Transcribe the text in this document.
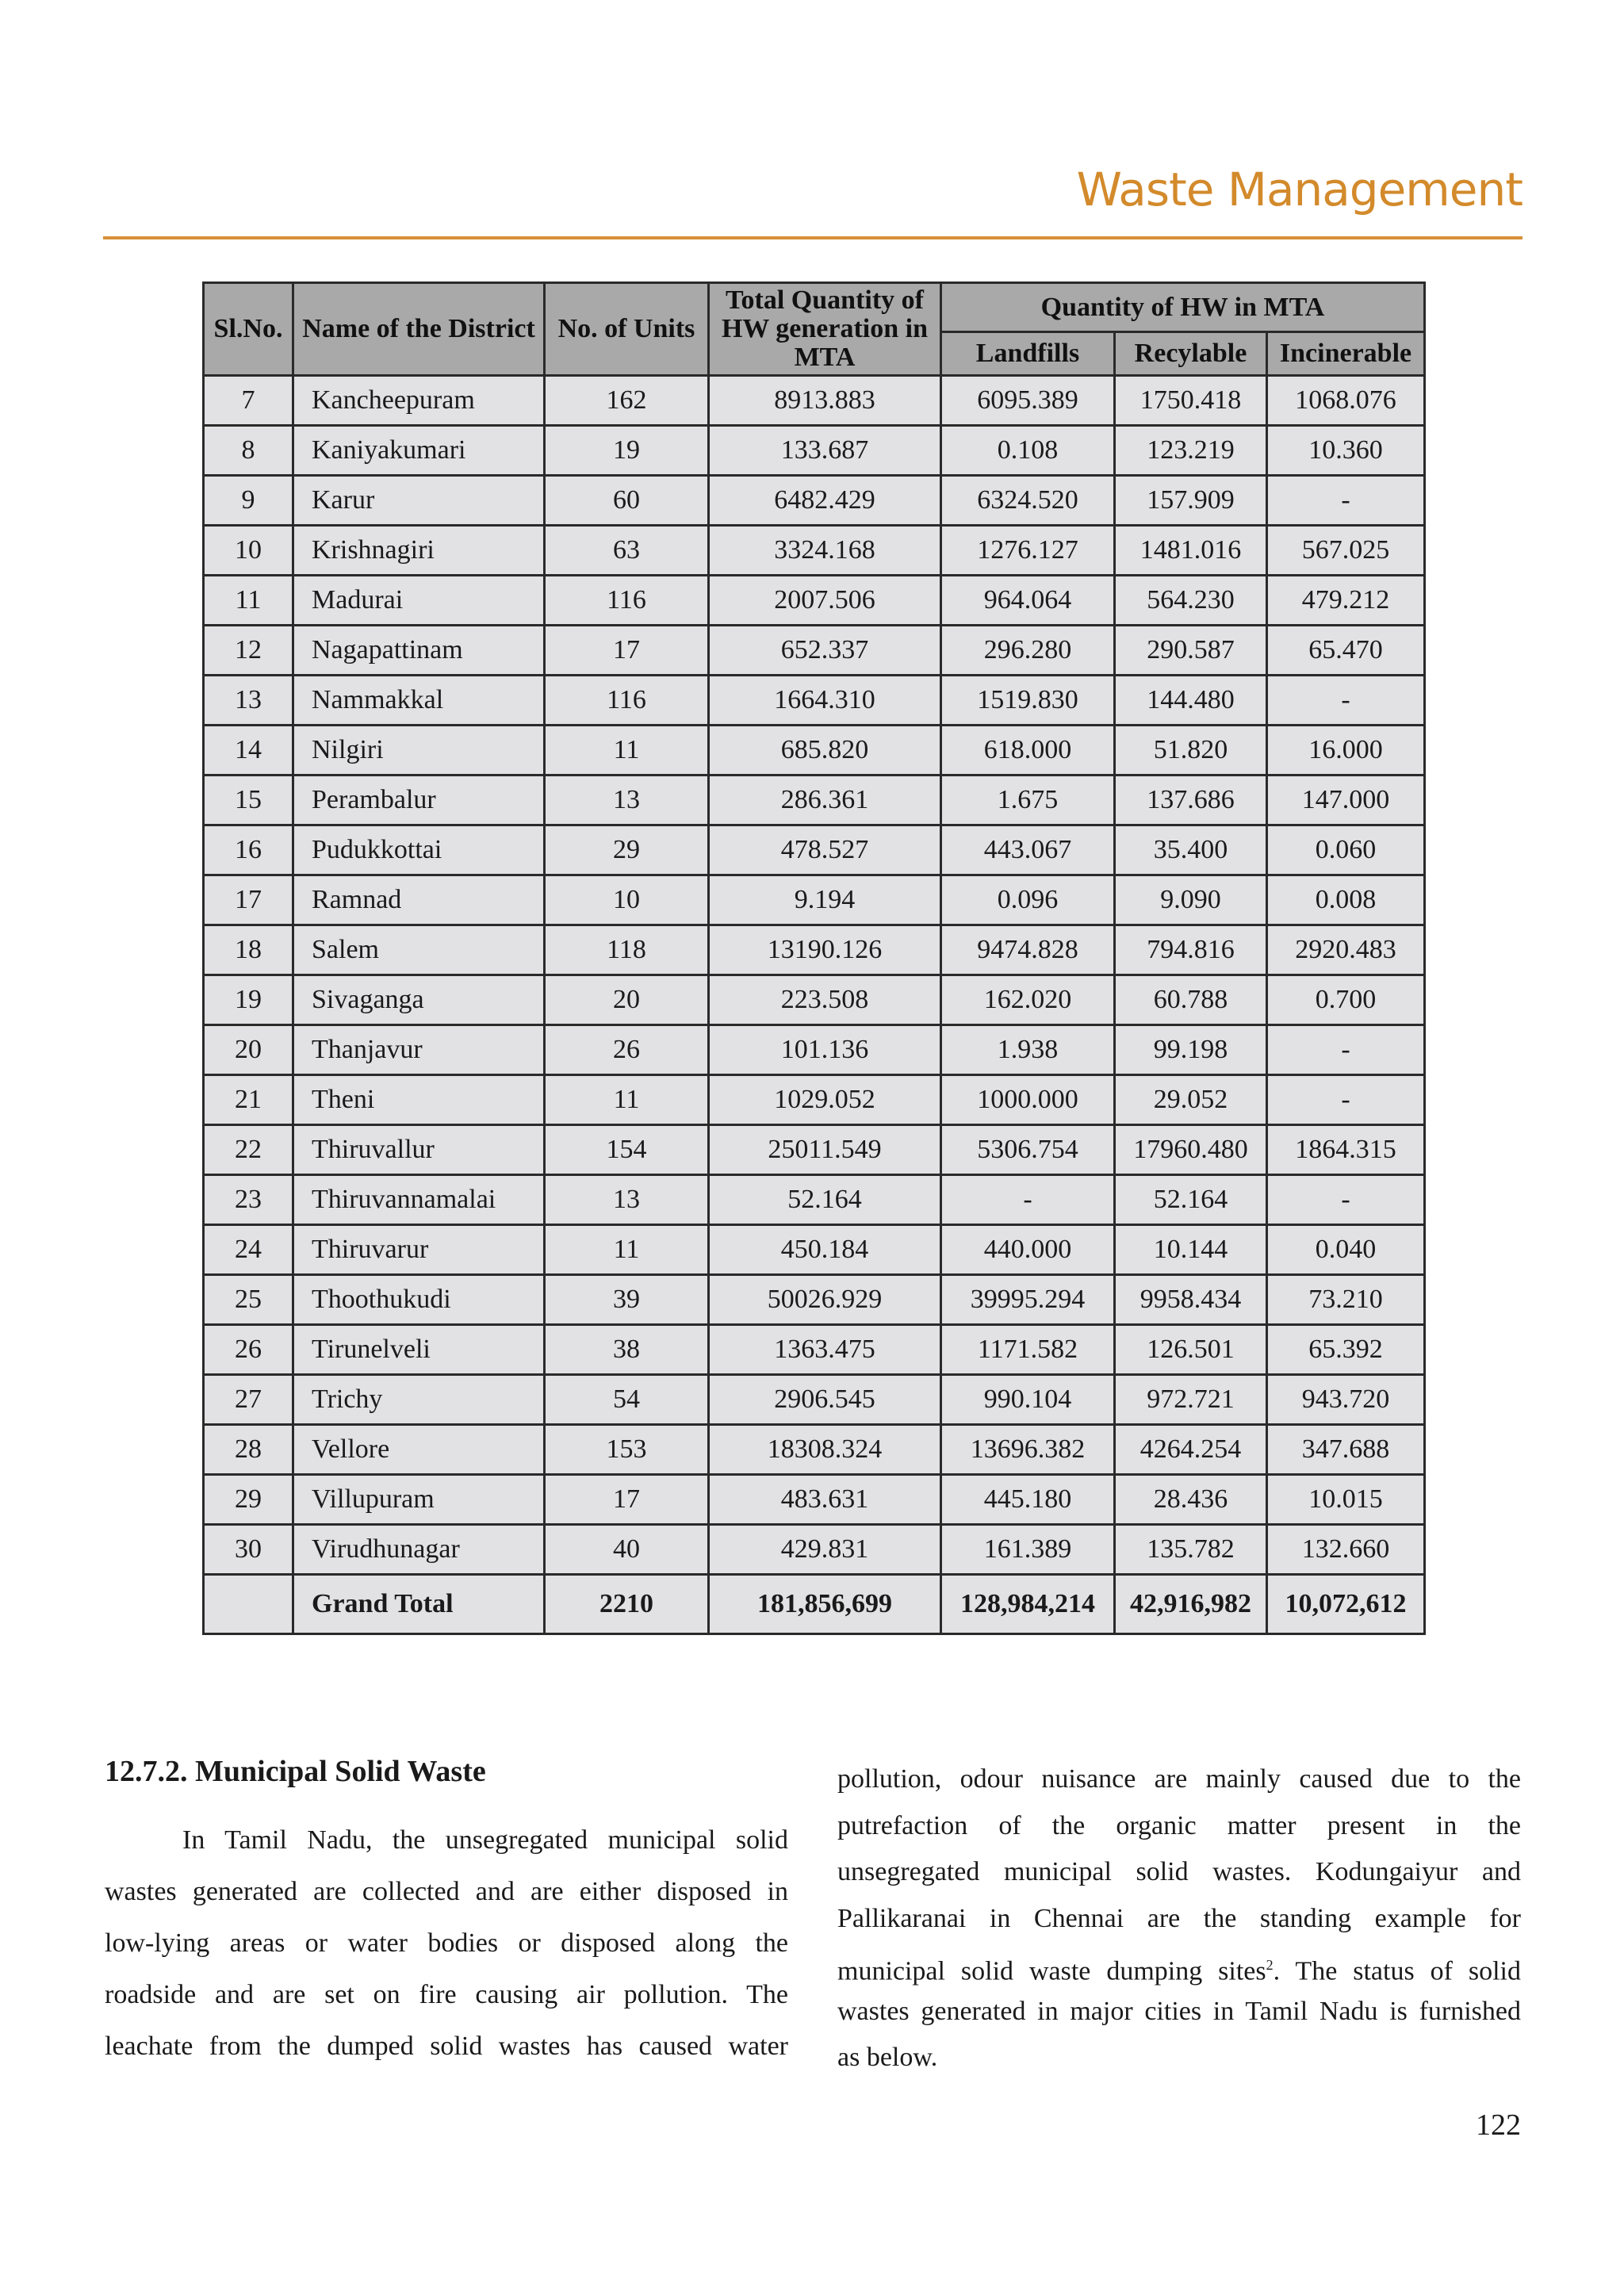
Waste Management
Sl.No.	Name of the District	No. of Units	Total Quantity of HW generation in MTA	Quantity of HW in MTA		
				Landfills	Recylable	Incinerable
7	Kancheepuram	162	8913.883	6095.389	1750.418	1068.076
8	Kaniyakumari	19	133.687	0.108	123.219	10.360
9	Karur	60	6482.429	6324.520	157.909	-
10	Krishnagiri	63	3324.168	1276.127	1481.016	567.025
11	Madurai	116	2007.506	964.064	564.230	479.212
12	Nagapattinam	17	652.337	296.280	290.587	65.470
13	Nammakkal	116	1664.310	1519.830	144.480	-
14	Nilgiri	11	685.820	618.000	51.820	16.000
15	Perambalur	13	286.361	1.675	137.686	147.000
16	Pudukkottai	29	478.527	443.067	35.400	0.060
17	Ramnad	10	9.194	0.096	9.090	0.008
18	Salem	118	13190.126	9474.828	794.816	2920.483
19	Sivaganga	20	223.508	162.020	60.788	0.700
20	Thanjavur	26	101.136	1.938	99.198	-
21	Theni	11	1029.052	1000.000	29.052	-
22	Thiruvallur	154	25011.549	5306.754	17960.480	1864.315
23	Thiruvannamalai	13	52.164	-	52.164	-
24	Thiruvarur	11	450.184	440.000	10.144	0.040
25	Thoothukudi	39	50026.929	39995.294	9958.434	73.210
26	Tirunelveli	38	1363.475	1171.582	126.501	65.392
27	Trichy	54	2906.545	990.104	972.721	943.720
28	Vellore	153	18308.324	13696.382	4264.254	347.688
29	Villupuram	17	483.631	445.180	28.436	10.015
30	Virudhunagar	40	429.831	161.389	135.782	132.660
	Grand Total	2210	181,856,699	128,984,214	42,916,982	10,072,612
12.7.2. Municipal Solid Waste
In Tamil Nadu, the unsegregated municipal solid
wastes generated are collected and are either disposed in
low-lying areas or water bodies or disposed along the
roadside and are set on fire causing air pollution. The
leachate from the dumped solid wastes has caused water
pollution, odour nuisance are mainly caused due to the
putrefaction of the organic matter present in the
unsegregated municipal solid wastes. Kodungaiyur and
Pallikaranai in Chennai are the standing example for
municipal solid waste dumping sites$^2$. The status of solid
wastes generated in major cities in Tamil Nadu is furnished
as below.
122
